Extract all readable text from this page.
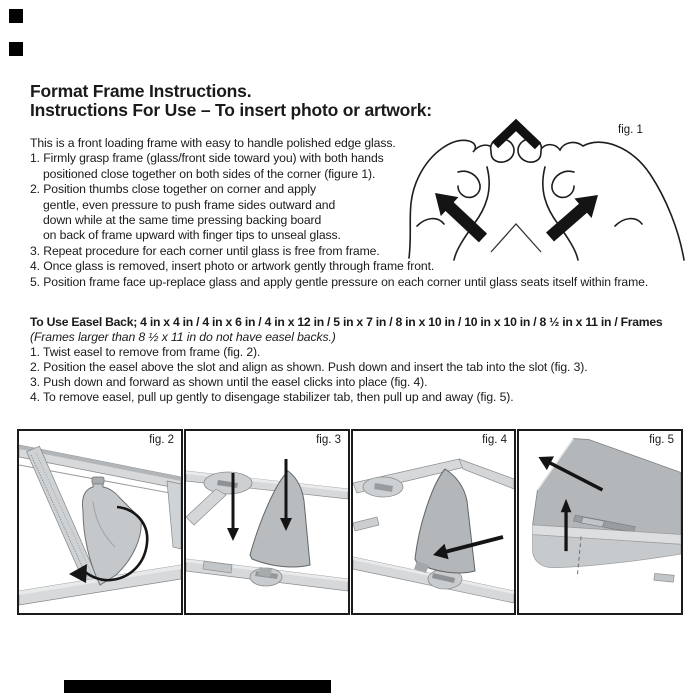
Format Frame Instructions.
Instructions For Use – To insert photo or artwork:
This is a front loading frame with easy to handle polished edge glass.
1. Firmly grasp frame (glass/front side toward you) with both hands
positioned close together on both sides of the corner (figure 1).
2. Position thumbs close together on corner and apply
gentle, even pressure to push frame sides outward and
down while at the same time pressing backing board
on back of frame upward with finger tips to unseal glass.
3. Repeat procedure for each corner until glass is free from frame.
4. Once glass is removed, insert photo or artwork gently through frame front.
5. Position frame face up-replace glass and apply gentle pressure on each corner until glass seats itself within frame.
To Use Easel Back; 4 in x 4 in / 4 in x 6 in / 4 in x 12 in / 5 in x 7 in / 8 in x 10 in / 10 in x 10 in / 8 ½ in x 11 in / Frames
(Frames larger than 8 ½ x 11 in do not have easel backs.)
1. Twist easel to remove from frame (fig. 2).
2. Position the easel above the slot and align as shown. Push down and insert the tab into the slot (fig. 3).
3. Push down and forward as shown until the easel clicks into place (fig. 4).
4. To remove easel, pull up gently to disengage stabilizer tab, then pull up and away (fig. 5).
fig. 1
fig. 2	fig. 3	fig. 4	fig. 5
